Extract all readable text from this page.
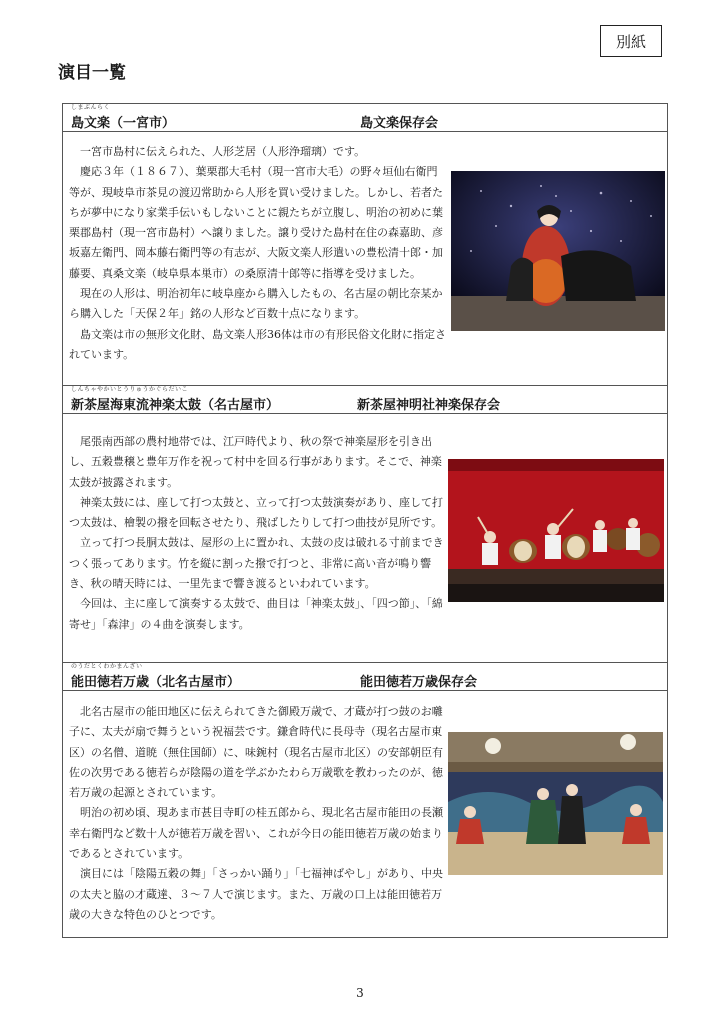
別紙
演目一覧
しまぶんらく
島文楽（一宮市）	島文楽保存会

一宮市島村に伝えられた、人形芝居（人形浄瑠璃）です。

慶応３年（１８６７）、葉栗郡大毛村（現一宮市大毛）の野々垣仙右衛門等が、現岐阜市茶見の渡辺常助から人形を買い受けました。しかし、若者たちが夢中になり家業手伝いもしないことに親たちが立腹し、明治の初めに葉栗郡島村（現一宮市島村）へ譲りました。譲り受けた島村在住の森嘉助、彦坂嘉左衛門、岡本藤右衛門等の有志が、大阪文楽人形遣いの豊松清十郎・加藤要、真桑文楽（岐阜県本巣市）の桑原清十郎等に指導を受けました。

現在の人形は、明治初年に岐阜座から購入したもの、名古屋の朝比奈某から購入した「天保２年」銘の人形など百数十点になります。

島文楽は市の無形文化財、島文楽人形36体は市の有形民俗文化財に指定されています。

しんちゃやかいとうりゅうかぐらだいこ
新茶屋海東流神楽太鼓（名古屋市）	新茶屋神明社神楽保存会

尾張南西部の農村地帯では、江戸時代より、秋の祭で神楽屋形を引き出し、五穀豊穣と豊年万作を祝って村中を回る行事があります。そこで、神楽太鼓が披露されます。

神楽太鼓には、座して打つ太鼓と、立って打つ太鼓演奏があり、座して打つ太鼓は、檜製の撥を回転させたり、飛ばしたりして打つ曲技が見所です。

立って打つ長胴太鼓は、屋形の上に置かれ、太鼓の皮は破れる寸前まできつく張ってあります。竹を縦に割った撥で打つと、非常に高い音が鳴り響き、秋の晴天時には、一里先まで響き渡るといわれています。

今回は、主に座して演奏する太鼓で、曲目は「神楽太鼓」、「四つ節」、「綿寄せ」「森津」の４曲を演奏します。

のうだとくわかまんざい
能田徳若万歳（北名古屋市）	能田徳若万歳保存会

北名古屋市の能田地区に伝えられてきた御殿万歳で、才蔵が打つ鼓のお囃子に、太夫が扇で舞うという祝福芸です。鎌倉時代に長母寺（現名古屋市東区）の名僧、道暁（無住国師）に、味鋺村（現名古屋市北区）の安部朝臣有佐の次男である徳若らが陰陽の道を学ぶかたわら万歳歌を教わったのが、徳若万歳の起源とされています。

明治の初め頃、現あま市甚目寺町の桂五郎から、現北名古屋市能田の長瀬幸右衛門など数十人が徳若万歳を習い、これが今日の能田徳若万歳の始まりであるとされています。

演目には「陰陽五穀の舞」「さっかい踊り」「七福神ばやし」があり、中央の太夫と脇の才蔵達、３～７人で演じます。また、万歳の口上は能田徳若万歳の大きな特色のひとつです。

3
